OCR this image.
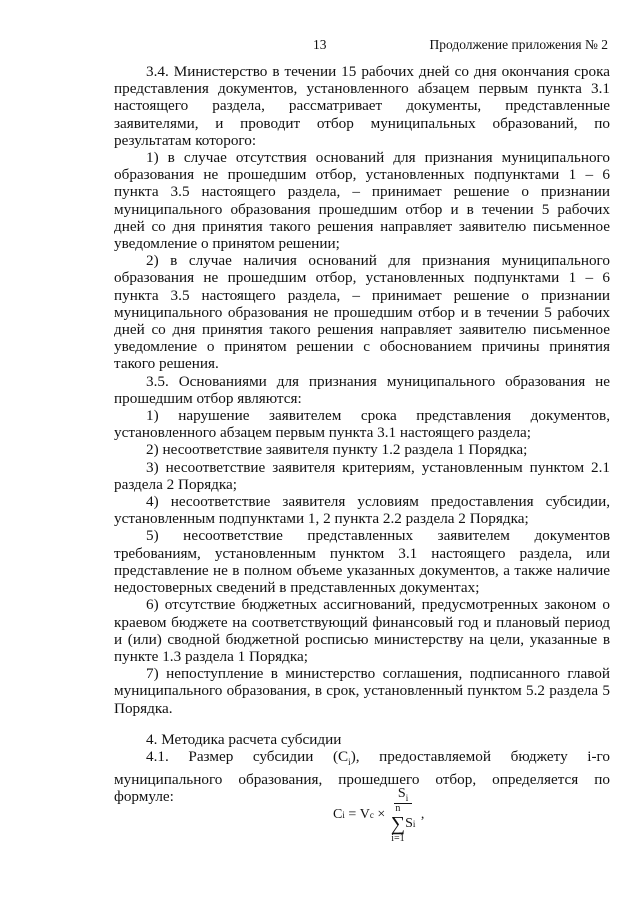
13	Продолжение приложения № 2

3.4. Министерство в течении 15 рабочих дней со дня окончания срока представления документов, установленного абзацем первым пункта 3.1 настоящего раздела, рассматривает документы, представленные заявителями, и проводит отбор муниципальных образований, по результатам которого:

1) в случае отсутствия оснований для признания муниципального образования не прошедшим отбор, установленных подпунктами 1 – 6 пункта 3.5 настоящего раздела, – принимает решение о признании муниципального образования прошедшим отбор и в течении 5 рабочих дней со дня принятия такого решения направляет заявителю письменное уведомление о принятом решении;

2) в случае наличия оснований для признания муниципального образования не прошедшим отбор, установленных подпунктами 1 – 6 пункта 3.5 настоящего раздела, – принимает решение о признании муниципального образования не прошедшим отбор и в течении 5 рабочих дней со дня принятия такого решения направляет заявителю письменное уведомление о принятом решении с обоснованием причины принятия такого решения.

3.5. Основаниями для признания муниципального образования не прошедшим отбор являются:

1) нарушение заявителем срока представления документов, установленного абзацем первым пункта 3.1 настоящего раздела;

2) несоответствие заявителя пункту 1.2 раздела 1 Порядка;

3) несоответствие заявителя критериям, установленным пунктом 2.1 раздела 2 Порядка;

4) несоответствие заявителя условиям предоставления субсидии, установленным подпунктами 1, 2 пункта 2.2 раздела 2 Порядка;

5) несоответствие представленных заявителем документов требованиям, установленным пунктом 3.1 настоящего раздела, или представление не в полном объеме указанных документов, а также наличие недостоверных сведений в представленных документах;

6) отсутствие бюджетных ассигнований, предусмотренных законом о краевом бюджете на соответствующий финансовый год и плановый период и (или) сводной бюджетной росписью министерству на цели, указанные в пункте 1.3 раздела 1 Порядка;

7) непоступление в министерство соглашения, подписанного главой муниципального образования, в срок, установленный пунктом 5.2 раздела 5 Порядка.

4. Методика расчета субсидии

4.1. Размер субсидии $(С_i)$, предоставляемой бюджету i-го муниципального образования, прошедшего отбор, определяется по формуле:

C i = V $c \times S_i$
n
∑
i=1
S i ,
